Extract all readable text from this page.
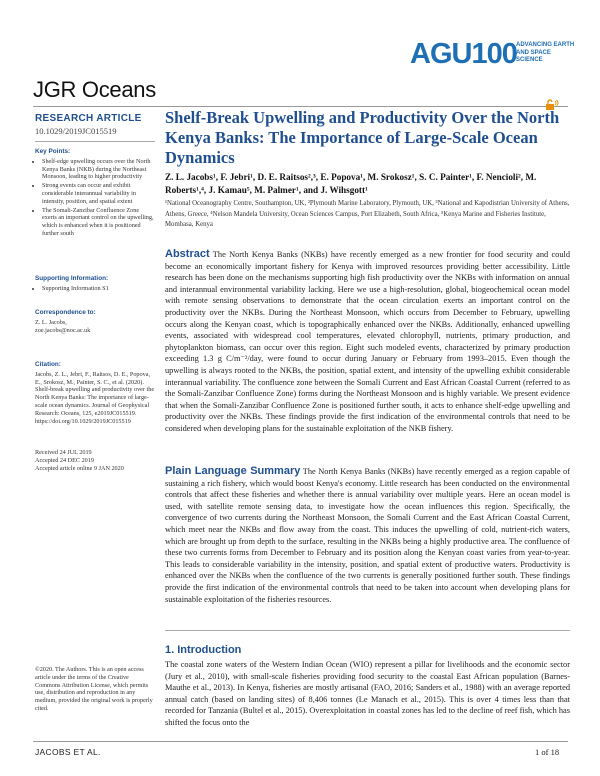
AGU100 ADVANCING EARTH AND SPACE SCIENCE
JGR Oceans
RESEARCH ARTICLE
10.1029/2019JC015519
Key Points:
• Shelf-edge upwelling occurs over the North Kenya Banks (NKB) during the Northeast Monsoon, leading to higher productivity
• Strong events can occur and exhibit considerable interannual variability in intensity, position, and spatial extent
• The Somali-Zanzibar Confluence Zone exerts an important control on the upwelling, which is enhanced when it is positioned further south
Supporting Information:
• Supporting Information S1
Correspondence to:
Z. L. Jacobs,
zoe.jacobs@noc.ac.uk
Citation:
Jacobs, Z. L., Jebri, F., Raitsos, D. E., Popova, E., Srokosz, M., Painter, S. C., et al. (2020). Shelf-break upwelling and productivity over the North Kenya Banks: The importance of large-scale ocean dynamics. Journal of Geophysical Research: Oceans, 125, e2019JC015519. https://doi.org/10.1029/2019JC015519
Received 24 JUL 2019
Accepted 24 DEC 2019
Accepted article online 9 JAN 2020
©2020. The Authors. This is an open access article under the terms of the Creative Commons Attribution License, which permits use, distribution and reproduction in any medium, provided the original work is properly cited.
Shelf-Break Upwelling and Productivity Over the North Kenya Banks: The Importance of Large-Scale Ocean Dynamics
Z. L. Jacobs¹, F. Jebri¹, D. E. Raitsos²,³, E. Popova¹, M. Srokosz¹, S. C. Painter¹, F. Nencioli², M. Roberts¹,⁴, J. Kamau⁵, M. Palmer¹, and J. Wihsgott¹
¹National Oceanography Centre, Southampton, UK, ²Plymouth Marine Laboratory, Plymouth, UK, ³National and Kapodistrian University of Athens, Athens, Greece, ⁴Nelson Mandela University, Ocean Sciences Campus, Port Elizabeth, South Africa, ⁵Kenya Marine and Fisheries Institute, Mombasa, Kenya
Abstract The North Kenya Banks (NKBs) have recently emerged as a new frontier for food security and could become an economically important fishery for Kenya with improved resources providing better accessibility. Little research has been done on the mechanisms supporting high fish productivity over the NKBs with information on annual and interannual environmental variability lacking. Here we use a high-resolution, global, biogeochemical ocean model with remote sensing observations to demonstrate that the ocean circulation exerts an important control on the productivity over the NKBs. During the Northeast Monsoon, which occurs from December to February, upwelling occurs along the Kenyan coast, which is topographically enhanced over the NKBs. Additionally, enhanced upwelling events, associated with widespread cool temperatures, elevated chlorophyll, nutrients, primary production, and phytoplankton biomass, can occur over this region. Eight such modeled events, characterized by primary production exceeding 1.3 g C/m⁻²/day, were found to occur during January or February from 1993–2015. Even though the upwelling is always rooted to the NKBs, the position, spatial extent, and intensity of the upwelling exhibit considerable interannual variability. The confluence zone between the Somali Current and East African Coastal Current (referred to as the Somali-Zanzibar Confluence Zone) forms during the Northeast Monsoon and is highly variable. We present evidence that when the Somali-Zanzibar Confluence Zone is positioned further south, it acts to enhance shelf-edge upwelling and productivity over the NKBs. These findings provide the first indication of the environmental controls that need to be considered when developing plans for the sustainable exploitation of the NKB fishery.
Plain Language Summary The North Kenya Banks (NKBs) have recently emerged as a region capable of sustaining a rich fishery, which would boost Kenya's economy. Little research has been conducted on the environmental controls that affect these fisheries and whether there is annual variability over multiple years. Here an ocean model is used, with satellite remote sensing data, to investigate how the ocean influences this region. Specifically, the convergence of two currents during the Northeast Monsoon, the Somali Current and the East African Coastal Current, which meet near the NKBs and flow away from the coast. This induces the upwelling of cold, nutrient-rich waters, which are brought up from depth to the surface, resulting in the NKBs being a highly productive area. The confluence of these two currents forms from December to February and its position along the Kenyan coast varies from year-to-year. This leads to considerable variability in the intensity, position, and spatial extent of productive waters. Productivity is enhanced over the NKBs when the confluence of the two currents is generally positioned further south. These findings provide the first indication of the environmental controls that need to be taken into account when developing plans for sustainable exploitation of the fisheries resources.
1. Introduction
The coastal zone waters of the Western Indian Ocean (WIO) represent a pillar for livelihoods and the economic sector (Jury et al., 2010), with small-scale fisheries providing food security to the coastal East African population (Barnes-Mauthe et al., 2013). In Kenya, fisheries are mostly artisanal (FAO, 2016; Sanders et al., 1988) with an average reported annual catch (based on landing sites) of 8,406 tonnes (Le Manach et al., 2015). This is over 4 times less than that recorded for Tanzania (Bultel et al., 2015). Overexploitation in coastal zones has led to the decline of reef fish, which has shifted the focus onto the
JACOBS ET AL.	1 of 18
